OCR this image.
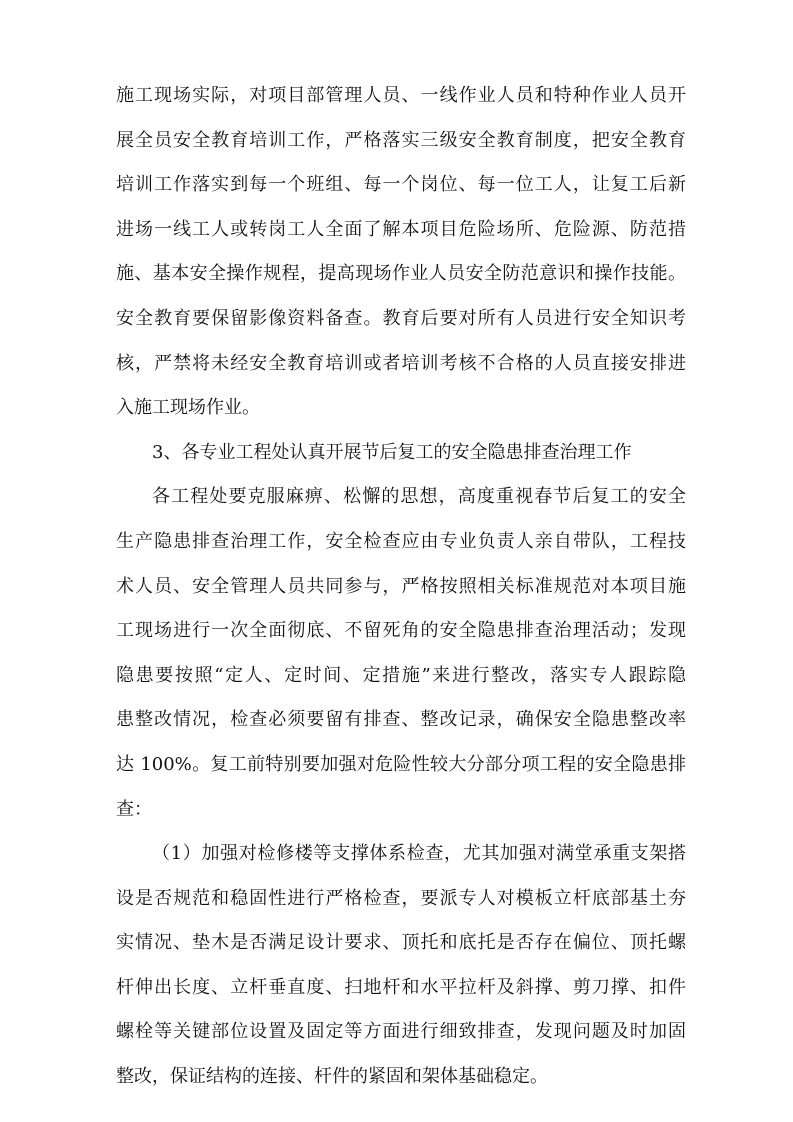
施工现场实际，对项目部管理人员、一线作业人员和特种作业人员开
展全员安全教育培训工作，严格落实三级安全教育制度，把安全教育
培训工作落实到每一个班组、每一个岗位、每一位工人，让复工后新
进场一线工人或转岗工人全面了解本项目危险场所、危险源、防范措
施、基本安全操作规程，提高现场作业人员安全防范意识和操作技能。
安全教育要保留影像资料备查。教育后要对所有人员进行安全知识考
核，严禁将未经安全教育培训或者培训考核不合格的人员直接安排进
入施工现场作业。
3、各专业工程处认真开展节后复工的安全隐患排查治理工作
各工程处要克服麻痹、松懈的思想，高度重视春节后复工的安全
生产隐患排查治理工作，安全检查应由专业负责人亲自带队，工程技
术人员、安全管理人员共同参与，严格按照相关标准规范对本项目施
工现场进行一次全面彻底、不留死角的安全隐患排查治理活动；发现
隐患要按照“定人、定时间、定措施”来进行整改，落实专人跟踪隐
患整改情况，检查必须要留有排查、整改记录，确保安全隐患整改率
达 100%。复工前特别要加强对危险性较大分部分项工程的安全隐患排
查：
（1）加强对检修楼等支撑体系检查，尤其加强对满堂承重支架搭
设是否规范和稳固性进行严格检查，要派专人对模板立杆底部基土夯
实情况、垫木是否满足设计要求、顶托和底托是否存在偏位、顶托螺
杆伸出长度、立杆垂直度、扫地杆和水平拉杆及斜撑、剪刀撑、扣件
螺栓等关键部位设置及固定等方面进行细致排查，发现问题及时加固
整改，保证结构的连接、杆件的紧固和架体基础稳定。
